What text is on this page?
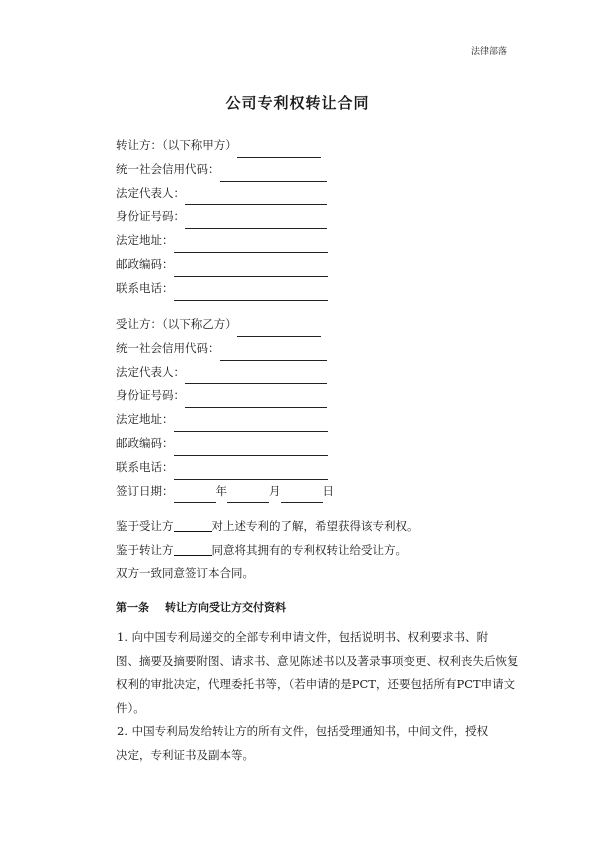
法律部落
公司专利权转让合同
转让方：（以下称甲方）
统一社会信用代码：
法定代表人：
身份证号码：
法定地址：
邮政编码：
联系电话：
受让方：（以下称乙方）
统一社会信用代码：
法定代表人：
身份证号码：
法定地址：
邮政编码：
联系电话：
签订日期：	年	月	日
鉴于受让方	对上述专利的了解，希望获得该专利权。
鉴于转让方	同意将其拥有的专利权转让给受让方。
双方一致同意签订本合同。
第一条 转让方向受让方交付资料
1. 向中国专利局递交的全部专利申请文件，包括说明书、权利要求书、附
图、摘要及摘要附图、请求书、意见陈述书以及著录事项变更、权利丧失后恢复
权利的审批决定，代理委托书等，（若申请的是PCT，还要包括所有PCT申请文
件）。
2. 中国专利局发给转让方的所有文件，包括受理通知书，中间文件，授权
决定，专利证书及副本等。
